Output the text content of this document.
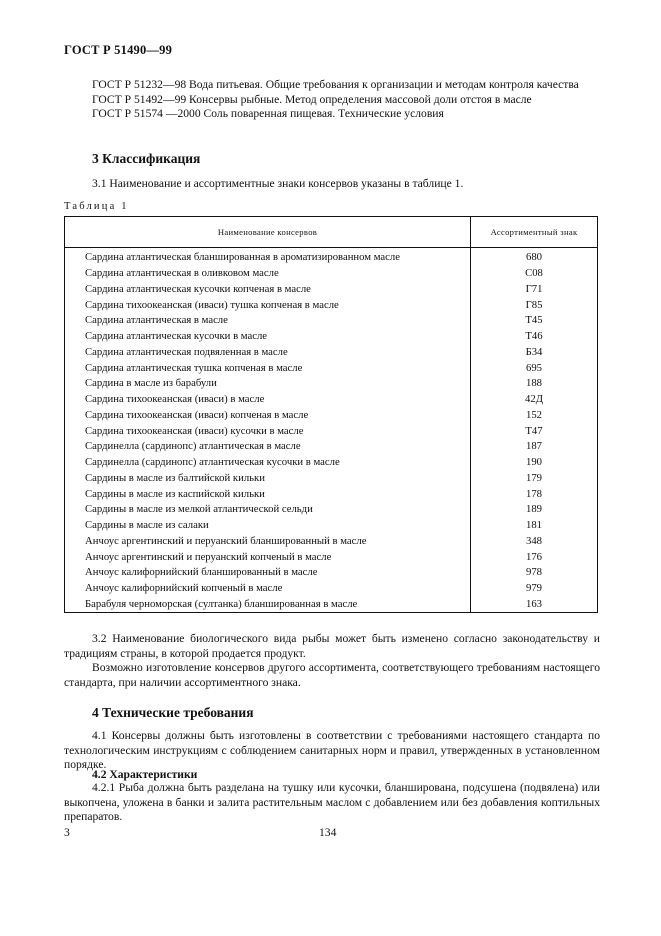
ГОСТ Р 51490—99

ГОСТ Р 51232—98 Вода питьевая. Общие требования к организации и методам контроля качества

ГОСТ Р 51492—99 Консервы рыбные. Метод определения массовой доли отстоя в масле

ГОСТ Р 51574 —2000 Соль поваренная пищевая. Технические условия

3 Классификация

3.1 Наименование и ассортиментные знаки консервов указаны в таблице 1.

Таблица 1
Наименование консервов	Ассортиментный знак
Сардина атлантическая бланшированная в ароматизированном масле	680
Сардина атлантическая в оливковом масле	С08
Сардина атлантическая кусочки копченая в масле	Г71
Сардина тихоокеанская (иваси) тушка копченая в масле	Г85
Сардина атлантическая в масле	Т45
Сардина атлантическая кусочки в масле	Т46
Сардина атлантическая подвяленная в масле	Б34
Сардина атлантическая тушка копченая в масле	695
Сардина в масле из барабули	188
Сардина тихоокеанская (иваси) в масле	42Д
Сардина тихоокеанская (иваси) копченая в масле	152
Сардина тихоокеанская (иваси) кусочки в масле	Т47
Сардинелла (сардинопс) атлантическая в масле	187
Сардинелла (сардинопс) атлантическая кусочки в масле	190
Сардины в масле из балтийской кильки	179
Сардины в масле из каспийской кильки	178
Сардины в масле из мелкой атлантической сельди	189
Сардины в масле из салаки	181
Анчоус аргентинский и перуанский бланшированный в масле	348
Анчоус аргентинский и перуанский копченый в масле	176
Анчоус калифорнийский бланшированный в масле	978
Анчоус калифорнийский копченый в масле	979
Барабуля черноморская (султанка) бланшированная в масле	163

3.2 Наименование биологического вида рыбы может быть изменено согласно законодательству и традициям страны, в которой продается продукт.

Возможно изготовление консервов другого ассортимента, соответствующего требованиям настоящего стандарта, при наличии ассортиментного знака.

4 Технические требования

4.1 Консервы должны быть изготовлены в соответствии с требованиями настоящего стандарта по технологическим инструкциям с соблюдением санитарных норм и правил, утвержденных в установленном порядке.

4.2 Характеристики

4.2.1 Рыба должна быть разделана на тушку или кусочки, бланширована, подсушена (подвялена) или выкопчена, уложена в банки и залита растительным маслом с добавлением или без добавления коптильных препаратов.

3	134
